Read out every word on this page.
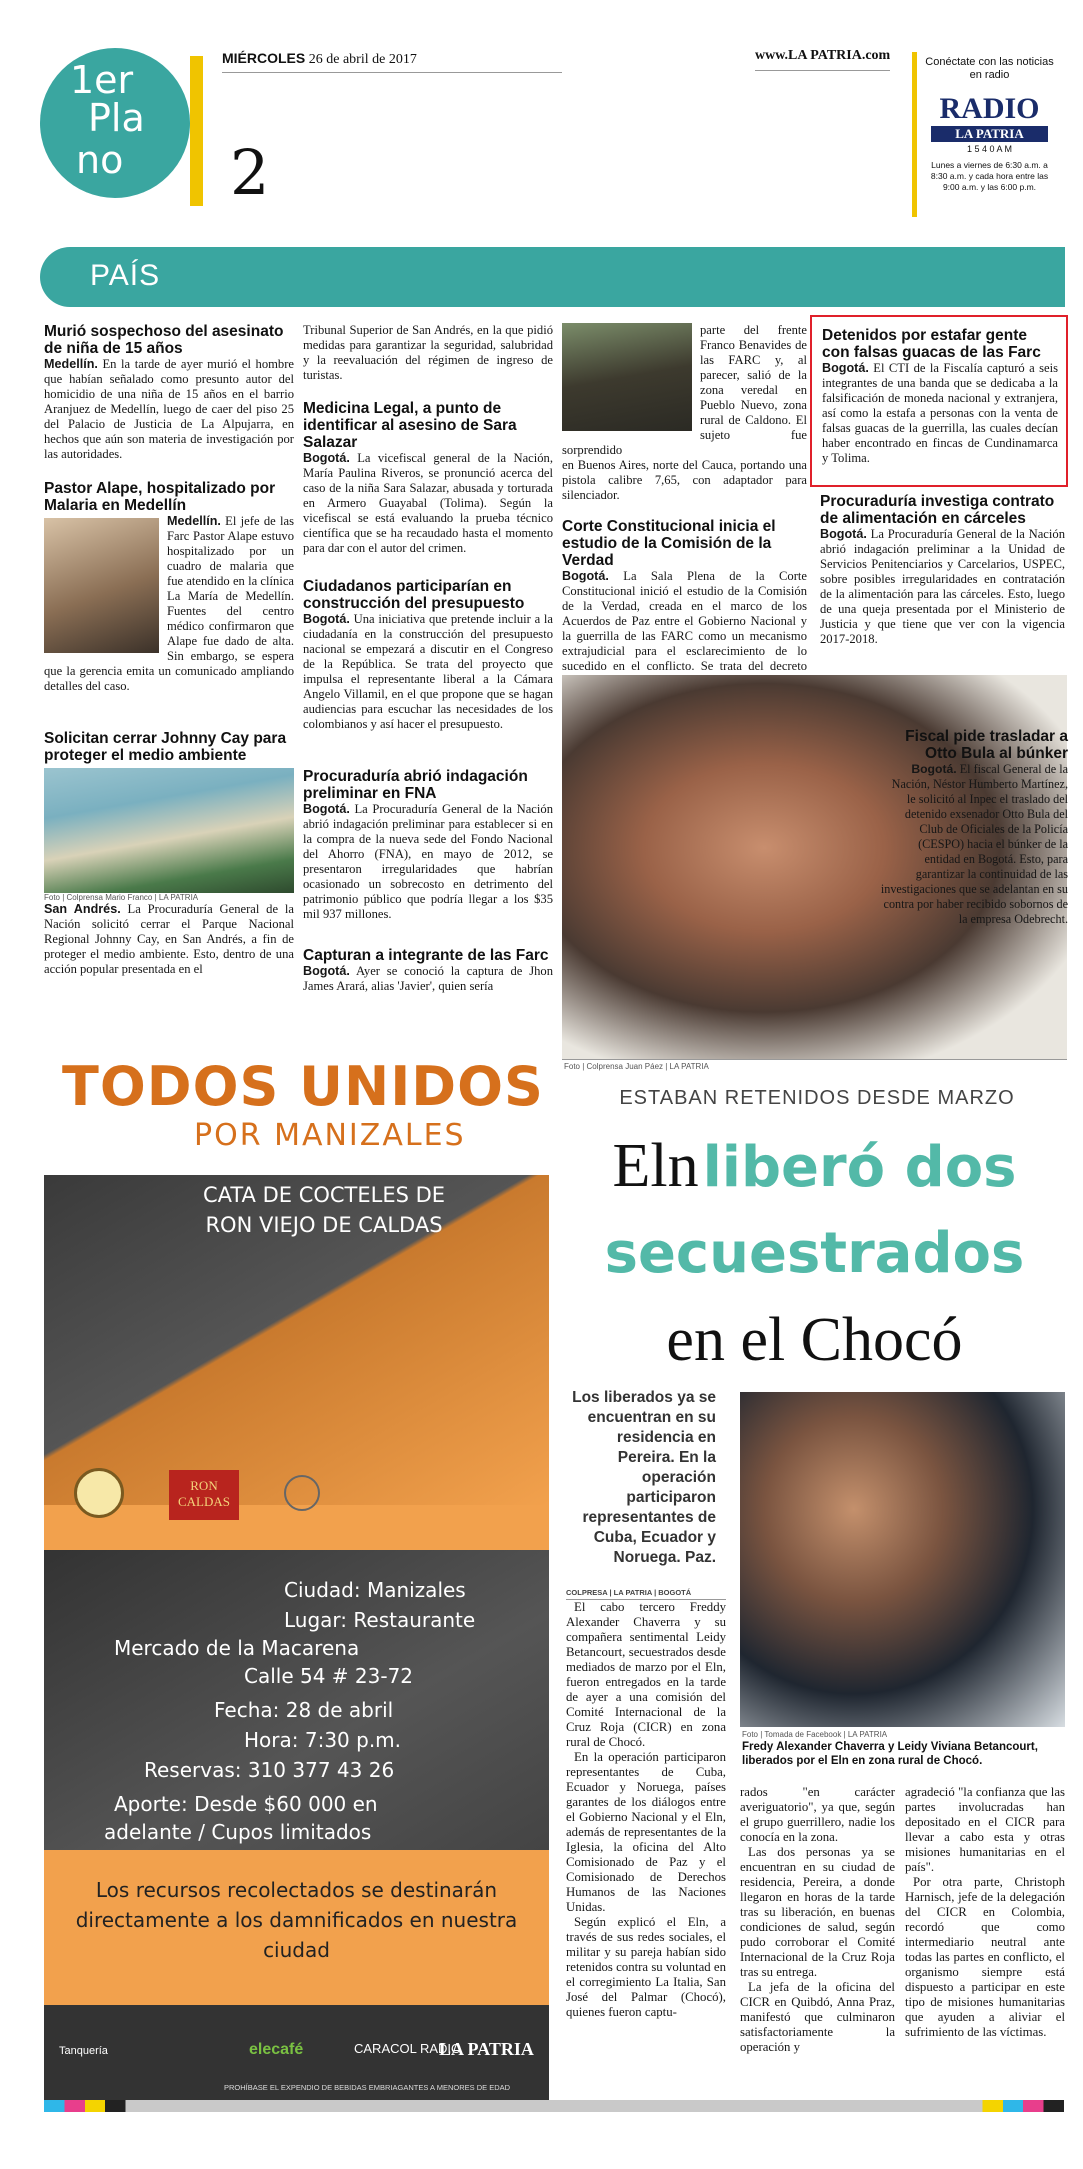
1er
Pla
no 2
MIÉRCOLES 26 de abril de 2017	www.LA PATRIA.com	Conéctate con las noticias en radio
RADIO
LA PATRIA
1 5 4 0 A M
Lunes a viernes de 6:30 a.m. a 8:30 a.m. y cada hora entre las 9:00 a.m. y las 6:00 p.m.
PAÍS
Murió sospechoso del asesinato de niña de 15 años
Medellín. En la tarde de ayer murió el hombre que habían señalado como presunto autor del homicidio de una niña de 15 años en el barrio Aranjuez de Medellín, luego de caer del piso 25 del Palacio de Justicia de La Alpujarra, en hechos que aún son materia de investigación por las autoridades.
Pastor Alape, hospitalizado por Malaria en Medellín
Medellín. El jefe de las Farc Pastor Alape estuvo hospitalizado por un cuadro de malaria que fue atendido en la clínica La María de Medellín. Fuentes del centro médico confirmaron que Alape fue dado de alta. Sin embargo, se espera que la gerencia emita un comunicado ampliando detalles del caso.
Solicitan cerrar Johnny Cay para proteger el medio ambiente
Foto | Colprensa Mario Franco | LA PATRIA
San Andrés. La Procuraduría General de la Nación solicitó cerrar el Parque Nacional Regional Johnny Cay, en San Andrés, a fin de proteger el medio ambiente. Esto, dentro de una acción popular presentada en el
Tribunal Superior de San Andrés, en la que pidió medidas para garantizar la seguridad, salubridad y la reevaluación del régimen de ingreso de turistas.
Medicina Legal, a punto de identificar al asesino de Sara Salazar
Bogotá. La vicefiscal general de la Nación, María Paulina Riveros, se pronunció acerca del caso de la niña Sara Salazar, abusada y torturada en Armero Guayabal (Tolima). Según la vicefiscal se está evaluando la prueba técnico científica que se ha recaudado hasta el momento para dar con el autor del crimen.
Ciudadanos participarían en construcción del presupuesto
Bogotá. Una iniciativa que pretende incluir a la ciudadanía en la construcción del presupuesto nacional se empezará a discutir en el Congreso de la República. Se trata del proyecto que impulsa el representante liberal a la Cámara Angelo Villamil, en el que propone que se hagan audiencias para escuchar las necesidades de los colombianos y así hacer el presupuesto.
Procuraduría abrió indagación preliminar en FNA
Bogotá. La Procuraduría General de la Nación abrió indagación preliminar para establecer si en la compra de la nueva sede del Fondo Nacional del Ahorro (FNA), en mayo de 2012, se presentaron irregularidades que habrían ocasionado un sobrecosto en detrimento del patrimonio público que podría llegar a los $35 mil 937 millones.
Capturan a integrante de las Farc
Bogotá. Ayer se conoció la captura de Jhon James Arará, alias 'Javier', quien sería
parte del frente Franco Benavides de las FARC y, al parecer, salió de la zona veredal en Pueblo Nuevo, zona rural de Caldono. El sujeto fue sorprendido
en Buenos Aires, norte del Cauca, portando una pistola calibre 7,65, con adaptador para silenciador.
Corte Constitucional inicia el estudio de la Comisión de la Verdad
Bogotá. La Sala Plena de la Corte Constitucional inició el estudio de la Comisión de la Verdad, creada en el marco de los Acuerdos de Paz entre el Gobierno Nacional y la guerrilla de las FARC como un mecanismo extrajudicial para el esclarecimiento de lo sucedido en el conflicto. Se trata del decreto
Detenidos por estafar gente con falsas guacas de las Farc
Bogotá. El CTI de la Fiscalía capturó a seis integrantes de una banda que se dedicaba a la falsificación de moneda nacional y extranjera, así como la estafa a personas con la venta de falsas guacas de la guerrilla, las cuales decían haber encontrado en fincas de Cundinamarca y Tolima.
Procuraduría investiga contrato de alimentación en cárceles
Bogotá. La Procuraduría General de la Nación abrió indagación preliminar a la Unidad de Servicios Penitenciarios y Carcelarios, USPEC, sobre posibles irregularidades en contratación de la alimentación para las cárceles. Esto, luego de una queja presentada por el Ministerio de Justicia y que tiene que ver con la vigencia 2017-2018.
Fiscal pide trasladar a Otto Bula al búnker
Bogotá. El fiscal General de la Nación, Néstor Humberto Martínez, le solicitó al Inpec el traslado del detenido exsenador Otto Bula del Club de Oficiales de la Policía (CESPO) hacia el búnker de la entidad en Bogotá. Esto, para garantizar la continuidad de las investigaciones que se adelantan en su contra por haber recibido sobornos de la empresa Odebrecht.
Foto | Colprensa Juan Páez | LA PATRIA
TODOS UNIDOS
POR MANIZALES
CATA DE COCTELES DE RON VIEJO DE CALDAS
RON CALDAS
Ciudad: Manizales
Lugar: Restaurante
Mercado de la Macarena
Calle 54 # 23-72
Fecha: 28 de abril
Hora: 7:30 p.m.
Reservas: 310 377 43 26
Aporte: Desde $60 000 en
adelante / Cupos limitados
Los recursos recolectados se destinarán directamente a los damnificados en nuestra ciudad
Tanquería	elecafé	CARACOL RADIO
LA PATRIA
PROHÍBASE EL EXPENDIO DE BEBIDAS EMBRIAGANTES A MENORES DE EDAD
ESTABAN RETENIDOS DESDE MARZO
Eln liberó dos
secuestrados
en el Chocó
Los liberados ya se encuentran en su residencia en Pereira. En la operación participaron representantes de Cuba, Ecuador y Noruega. Paz.
Foto | Tomada de Facebook | LA PATRIA
Fredy Alexander Chaverra y Leidy Viviana Betancourt, liberados por el Eln en zona rural de Chocó.
COLPRESA | LA PATRIA | BOGOTÁ

El cabo tercero Freddy Alexander Chaverra y su compañera sentimental Leidy Betancourt, secuestrados desde mediados de marzo por el Eln, fueron entregados en la tarde de ayer a una comisión del Comité Internacional de la Cruz Roja (CICR) en zona rural de Chocó.

En la operación participaron representantes de Cuba, Ecuador y Noruega, países garantes de los diálogos entre el Gobierno Nacional y el Eln, además de representantes de la Iglesia, la oficina del Alto Comisionado de Paz y el Comisionado de Derechos Humanos de las Naciones Unidas.

Según explicó el Eln, a través de sus redes sociales, el militar y su pareja habían sido retenidos contra su voluntad en el corregimiento La Italia, San José del Palmar (Chocó), quienes fueron captu-

rados "en carácter averiguatorio", ya que, según el grupo guerrillero, nadie los conocía en la zona.

Las dos personas ya se encuentran en su ciudad de residencia, Pereira, a donde llegaron en horas de la tarde tras su liberación, en buenas condiciones de salud, según pudo corroborar el Comité Internacional de la Cruz Roja tras su entrega.

La jefa de la oficina del CICR en Quibdó, Anna Praz, manifestó que culminaron satisfactoriamente la operación y

agradeció "la confianza que las partes involucradas han depositado en el CICR para llevar a cabo esta y otras misiones humanitarias en el país".

Por otra parte, Christoph Harnisch, jefe de la delegación del CICR en Colombia, recordó que como intermediario neutral ante todas las partes en conflicto, el organismo siempre está dispuesto a participar en este tipo de misiones humanitarias que ayuden a aliviar el sufrimiento de las víctimas.
